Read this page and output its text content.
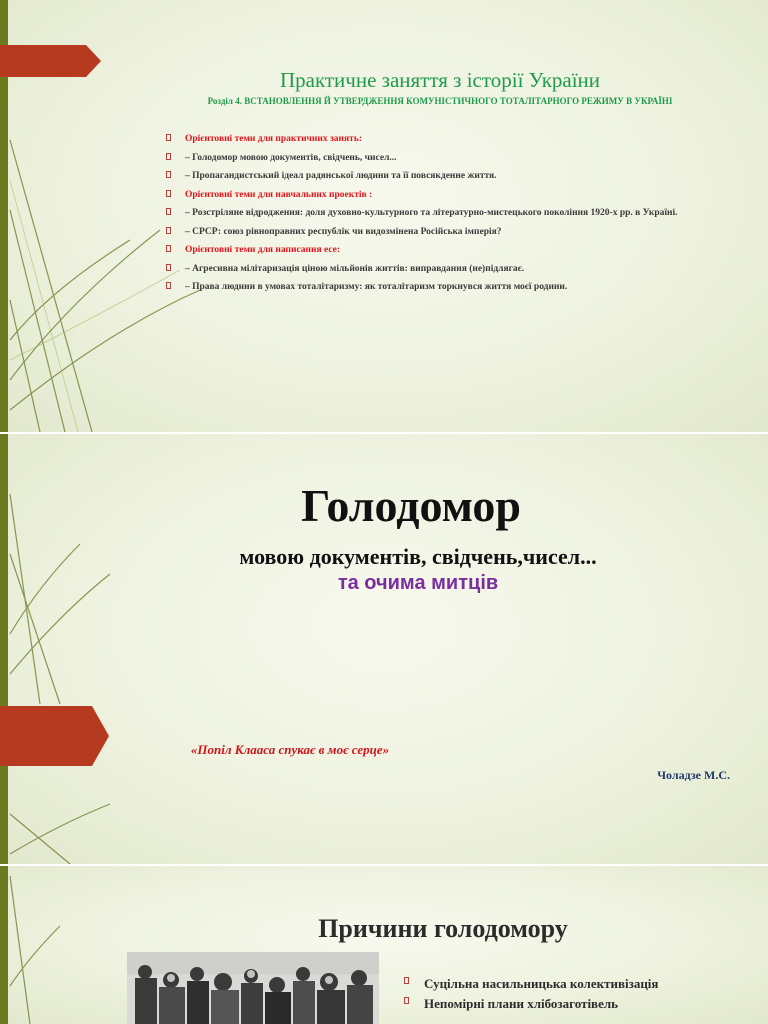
Практичне заняття з історії України
Розділ 4. ВСТАНОВЛЕННЯ Й УТВЕРДЖЕННЯ КОМУНІСТИЧНОГО ТОТАЛІТАРНОГО РЕЖИМУ В УКРАЇНІ
Орієнтовні теми для практичних занять:
– Голодомор мовою документів, свідчень, чисел...
– Пропагандистський ідеал радянської людини та її повсякденне життя.
Орієнтовні теми для навчальних проектів :
– Розстріляне відродження: доля духовно-культурного та літературно-мистецького покоління 1920-х рр. в Україні.
– СРСР: союз рівноправних республік чи видозмінена Російська імперія?
Орієнтовні теми для написання есе:
– Агресивна мілітаризація ціною мільйонів життів: виправдання (не)підлягає.
– Права людини в умовах тоталітаризму: як тоталітаризм торкнувся життя моєї родини.
Голодомор
мовою документів, свідчень,чисел...
та очима митців
«Попіл Клааса спукає в моє серце»
Чоладзе М.С.
Причини голодомору
Суцільна насильницька колективізація
Непомірні плани хлібозаготівель
